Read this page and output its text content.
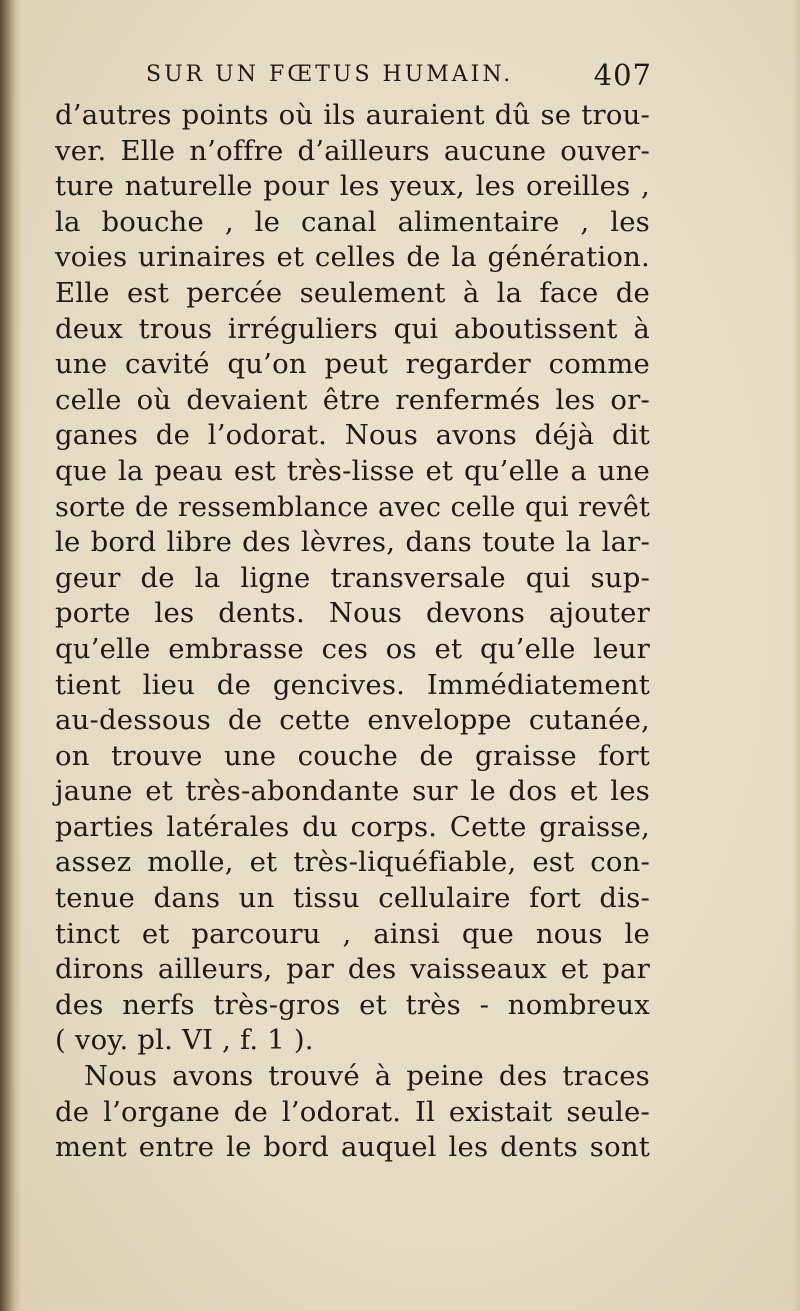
SUR UN FŒTUS HUMAIN.	407
d’autres points où ils auraient dû se trou-
ver. Elle n’offre d’ailleurs aucune ouver-
ture naturelle pour les yeux, les oreilles ,
la bouche , le canal alimentaire , les
voies urinaires et celles de la génération.
Elle est percée seulement à la face de
deux trous irréguliers qui aboutissent à
une cavité qu’on peut regarder comme
celle où devaient être renfermés les or-
ganes de l’odorat. Nous avons déjà dit
que la peau est très-lisse et qu’elle a une
sorte de ressemblance avec celle qui revêt
le bord libre des lèvres, dans toute la lar-
geur de la ligne transversale qui sup-
porte les dents. Nous devons ajouter
qu’elle embrasse ces os et qu’elle leur
tient lieu de gencives. Immédiatement
au-dessous de cette enveloppe cutanée,
on trouve une couche de graisse fort
jaune et très-abondante sur le dos et les
parties latérales du corps. Cette graisse,
assez molle, et très-liquéfiable, est con-
tenue dans un tissu cellulaire fort dis-
tinct et parcouru , ainsi que nous le
dirons ailleurs, par des vaisseaux et par
des nerfs très-gros et très - nombreux
( voy. pl. VI , f. 1 ).
Nous avons trouvé à peine des traces
de l’organe de l’odorat. Il existait seule-
ment entre le bord auquel les dents sont
